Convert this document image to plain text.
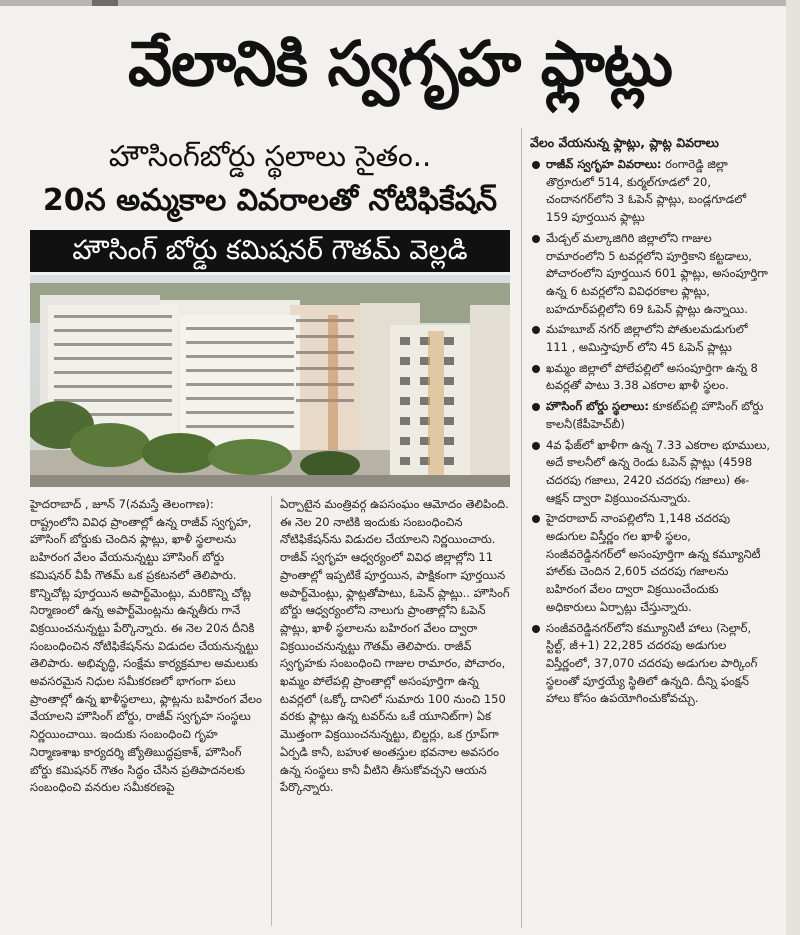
వేలానికి స్వగృహ ఫ్లాట్లు
హౌసింగ్‌బోర్డు స్థలాలు సైతం..
20న అమ్మకాల వివరాలతో నోటిఫికేషన్
హౌసింగ్ బోర్డు కమిషనర్ గౌతమ్ వెల్లడి
హైదరాబాద్ , జూన్ 7(నమస్తే తెలంగాణ): రాష్ట్రంలోని వివిధ ప్రాంతాల్లో ఉన్న రాజీవ్ స్వగృహ, హౌసింగ్ బోర్డుకు చెందిన ఫ్లాట్లు, ఖాళీ స్థలాలను బహిరంగ వేలం వేయనున్నట్టు హౌసింగ్ బోర్డు కమిషనర్ వీపీ గౌతమ్ ఒక ప్రకటనలో తెలిపారు. కొన్నిచోట్ల పూర్తయిన అపార్ట్‌మెంట్లు, మరికొన్ని చోట్ల నిర్మాణంలో ఉన్న అపార్ట్‌మెంట్లను ఉన్నతీరు గానే విక్రయించనున్నట్టు పేర్కొన్నారు. ఈ నెల 20న దీనికి సంబంధించిన నోటిఫికేషన్‌ను విడుదల చేయనున్నట్టు తెలిపారు. అభివృద్ధి, సంక్షేమ కార్యక్రమాల అమలుకు అవసరమైన నిధుల సమీకరణలో భాగంగా పలు ప్రాంతాల్లో ఉన్న ఖాళీస్థలాలు, ఫ్లాట్లను బహిరంగ వేలం వేయాలని హౌసింగ్ బోర్డు, రాజీవ్ స్వగృహ సంస్థలు నిర్ణయించాయి. ఇందుకు సంబంధించి గృహ నిర్మాణశాఖ కార్యదర్శి జ్యోతిబుద్ధప్రకాశ్, హౌసింగ్ బోర్డు కమిషనర్ గౌతం సిద్ధం చేసిన ప్రతిపాదనలకు సంబంధించి వనరుల సమీకరణపై
ఏర్పాటైన మంత్రివర్గ ఉపసంఘం ఆమోదం తెలిపింది. ఈ నెల 20 నాటికి ఇందుకు సంబంధించిన నోటిఫికేషన్‌ను విడుదల చేయాలని నిర్ణయించారు. రాజీవ్ స్వగృహ ఆధ్వర్యంలో వివిధ జిల్లాల్లోని 11 ప్రాంతాల్లో ఇప్పటికే పూర్తయిన, పాక్షికంగా పూర్తయిన అపార్ట్‌మెంట్లు, ఫ్లాట్లతోపాటు, ఓపెన్ ప్లాట్లు.. హౌసింగ్ బోర్డు ఆధ్వర్యంలోని నాలుగు ప్రాంతాల్లోని ఓపెన్ ప్లాట్లు, ఖాళీ స్థలాలను బహిరంగ వేలం ద్వారా విక్రయించనున్నట్టు గౌతమ్ తెలిపారు. రాజీవ్ స్వగృహకు సంబంధించి గాజుల రామారం, పోచారం, ఖమ్మం పోలేపల్లి ప్రాంతాల్లో అసంపూర్తిగా ఉన్న టవర్లలో (ఒక్కో దానిలో సుమారు 100 నుంచి 150 వరకు ఫ్లాట్లు ఉన్న టవర్‌ను ఒకే యూనిట్‌గా) ఏక మొత్తంగా విక్రయించనున్నట్టు, బిల్డర్లు, ఒక గ్రూప్‌గా ఏర్పడి కానీ, బహుళ అంతస్తుల భవనాల అవసరం ఉన్న సంస్థలు కానీ వీటిని తీసుకోవచ్చని ఆయన పేర్కొన్నారు.
వేలం వేయనున్న ఫ్లాట్లు, ప్లాట్ల వివరాలు
రాజీవ్ స్వగృహ వివరాలు: రంగారెడ్డి జిల్లా తొర్రూరులో 514, కుర్మల్‌గూడలో 20, చందానగర్‌లోని 3 ఓపెన్ ప్లాట్లు, బండ్లగూడలో 159 పూర్తయిన ఫ్లాట్లు
మేడ్చల్ మల్కాజిగిరి జిల్లాలోని గాజుల రామారంలోని 5 టవర్లలోని పూర్తికాని కట్టడాలు, పోచారంలోని పూర్తయిన 601 ఫ్లాట్లు, అసంపూర్తిగా ఉన్న 6 టవర్లలోని వివిధరకాల ఫ్లాట్లు, బహదూర్‌పల్లిలోని 69 ఓపెన్ ప్లాట్లు ఉన్నాయి.
మహబూబ్ నగర్ జిల్లాలోని పోతులమడుగులో 111 , అమిస్తాపూర్ లోని 45 ఓపెన్ ప్లాట్లు
ఖమ్మం జిల్లాలో పోలేపల్లిలో అసంపూర్తిగా ఉన్న 8 టవర్లతో పాటు 3.38 ఎకరాల ఖాళీ స్థలం.
హౌసింగ్ బోర్డు స్థలాలు: కూకట్‌పల్లి హౌసింగ్ బోర్డు కాలనీ(కేపీహెచ్‌బీ)
4వ ఫేజ్‌లో ఖాళీగా ఉన్న 7.33 ఎకరాల భూములు, అదే కాలనీలో ఉన్న రెండు ఓపెన్ ప్లాట్లు (4598 చదరపు గజాలు, 2420 చదరపు గజాలు) ఈ-ఆక్షన్ ద్వారా విక్రయించనున్నారు.
హైదరాబాద్ నాంపల్లిలోని 1,148 చదరపు అడుగుల విస్తీర్ణం గల ఖాళీ స్థలం, సంజీవరెడ్డినగర్‌లో అసంపూర్తిగా ఉన్న కమ్యూనిటీ హాల్‌కు చెందిన 2,605 చదరపు గజాలను బహిరంగ వేలం ద్వారా విక్రయించేందుకు అధికారులు ఏర్పాట్లు చేస్తున్నారు.
సంజీవరెడ్డినగర్‌లోని కమ్యూనిటీ హాలు (సెల్లార్, స్టిల్ట్, జీ+1) 22,285 చదరపు అడుగుల విస్తీర్ణంలో, 37,070 చదరపు అడుగుల పార్కింగ్ స్థలంతో పూర్తయ్యే స్థితిలో ఉన్నది. దీన్ని ఫంక్షన్ హాలు కోసం ఉపయోగించుకోవచ్చు.
